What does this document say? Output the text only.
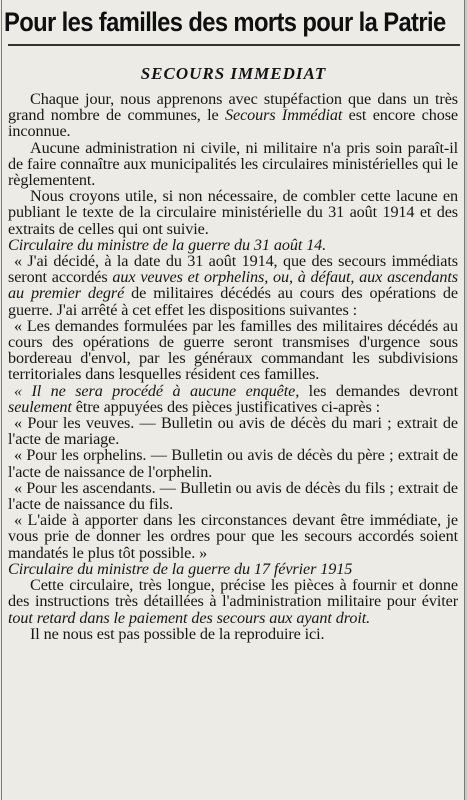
Pour les familles des morts pour la Patrie
SECOURS IMMEDIAT

Chaque jour, nous apprenons avec stupéfaction que dans un très grand nombre de communes, le Secours Immédiat est encore chose inconnue.

Aucune administration ni civile, ni militaire n'a pris soin paraît-il de faire connaître aux municipalités les circulaires ministérielles qui le règlementent.

Nous croyons utile, si non nécessaire, de combler cette lacune en publiant le texte de la circulaire ministérielle du 31 août 1914 et des extraits de celles qui ont suivie.

Circulaire du ministre de la guerre du 31 août 14.

« J'ai décidé, à la date du 31 août 1914, que des secours immédiats seront accordés aux veuves et orphelins, ou, à défaut, aux ascendants au premier degré de militaires décédés au cours des opérations de guerre. J'ai arrêté à cet effet les dispositions suivantes :

« Les demandes formulées par les familles des militaires décédés au cours des opérations de guerre seront transmises d'urgence sous bordereau d'envol, par les généraux commandant les subdivisions territoriales dans lesquelles résident ces familles.

« Il ne sera procédé à aucune enquête, les demandes devront seulement être appuyées des pièces justificatives ci-après :

« Pour les veuves. — Bulletin ou avis de décès du mari ; extrait de l'acte de mariage.

« Pour les orphelins. — Bulletin ou avis de décès du père ; extrait de l'acte de naissance de l'orphelin.

« Pour les ascendants. — Bulletin ou avis de décès du fils ; extrait de l'acte de naissance du fils.

« L'aide à apporter dans les circonstances devant être immédiate, je vous prie de donner les ordres pour que les secours accordés soient mandatés le plus tôt possible. »

Circulaire du ministre de la guerre du 17 février 1915

Cette circulaire, très longue, précise les pièces à fournir et donne des instructions très détaillées à l'administration militaire pour éviter tout retard dans le paiement des secours aux ayant droit.

Il ne nous est pas possible de la reproduire ici.
